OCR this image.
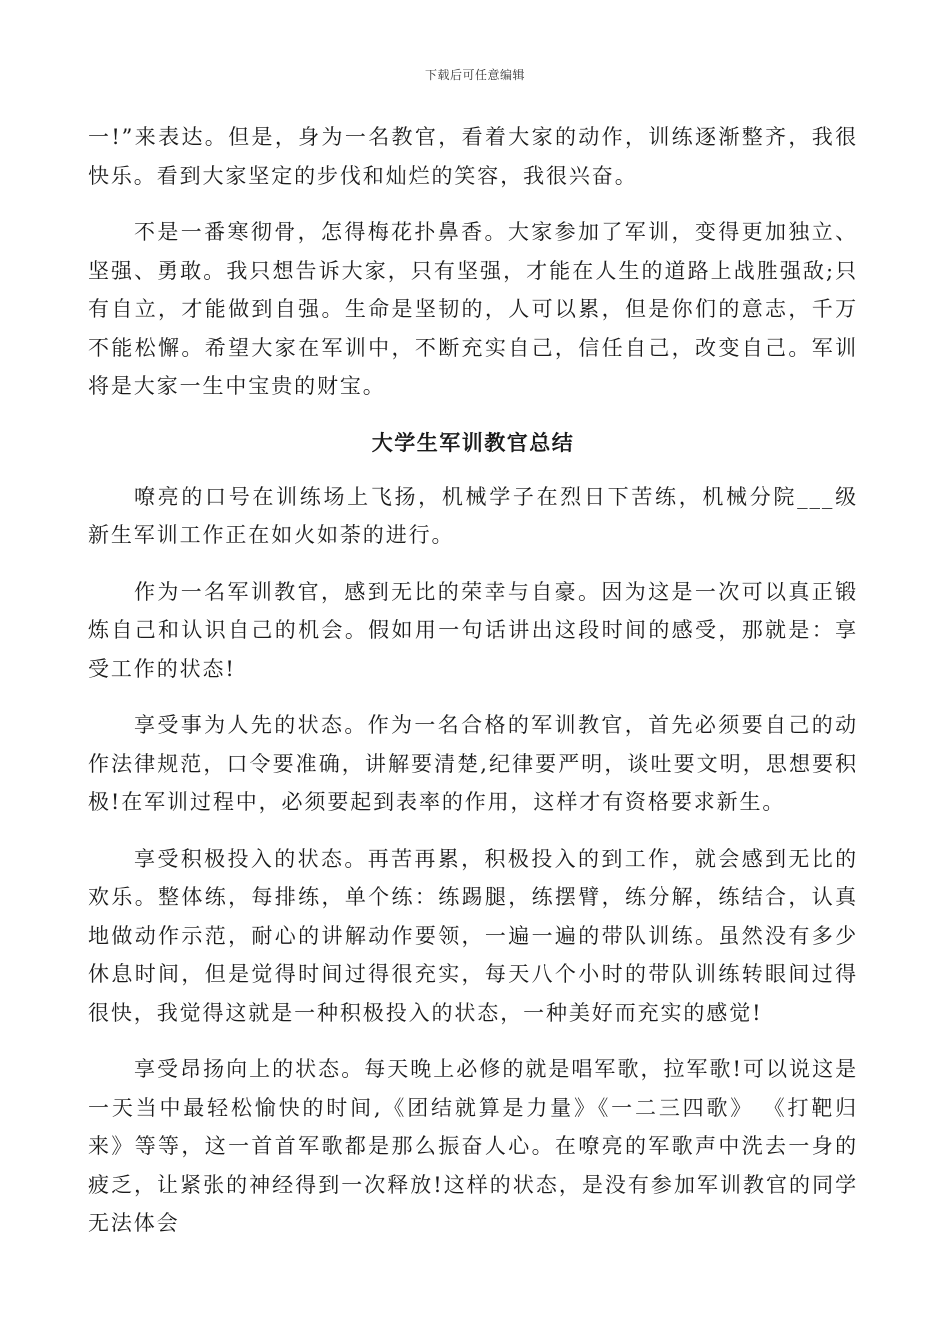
下载后可任意编辑

一!”来表达。但是，身为一名教官，看着大家的动作，训练逐渐整齐，我很快乐。看到大家坚定的步伐和灿烂的笑容，我很兴奋。

不是一番寒彻骨，怎得梅花扑鼻香。大家参加了军训，变得更加独立、坚强、勇敢。我只想告诉大家，只有坚强，才能在人生的道路上战胜强敌;只有自立，才能做到自强。生命是坚韧的，人可以累，但是你们的意志，千万不能松懈。希望大家在军训中，不断充实自己，信任自己，改变自己。军训将是大家一生中宝贵的财宝。

大学生军训教官总结

嘹亮的口号在训练场上飞扬，机械学子在烈日下苦练，机械分院___级新生军训工作正在如火如荼的进行。

作为一名军训教官，感到无比的荣幸与自豪。因为这是一次可以真正锻炼自己和认识自己的机会。假如用一句话讲出这段时间的感受，那就是：享受工作的状态!

享受事为人先的状态。作为一名合格的军训教官，首先必须要自己的动作法律规范，口令要准确，讲解要清楚,纪律要严明，谈吐要文明，思想要积极!在军训过程中，必须要起到表率的作用，这样才有资格要求新生。

享受积极投入的状态。再苦再累，积极投入的到工作，就会感到无比的欢乐。整体练，每排练，单个练：练踢腿，练摆臂，练分解，练结合，认真地做动作示范，耐心的讲解动作要领，一遍一遍的带队训练。虽然没有多少休息时间，但是觉得时间过得很充实，每天八个小时的带队训练转眼间过得很快，我觉得这就是一种积极投入的状态，一种美好而充实的感觉!

享受昂扬向上的状态。每天晚上必修的就是唱军歌，拉军歌!可以说这是一天当中最轻松愉快的时间,《团结就算是力量》《一二三四歌》 《打靶归来》等等，这一首首军歌都是那么振奋人心。在嘹亮的军歌声中洗去一身的疲乏，让紧张的神经得到一次释放!这样的状态，是没有参加军训教官的同学无法体会
